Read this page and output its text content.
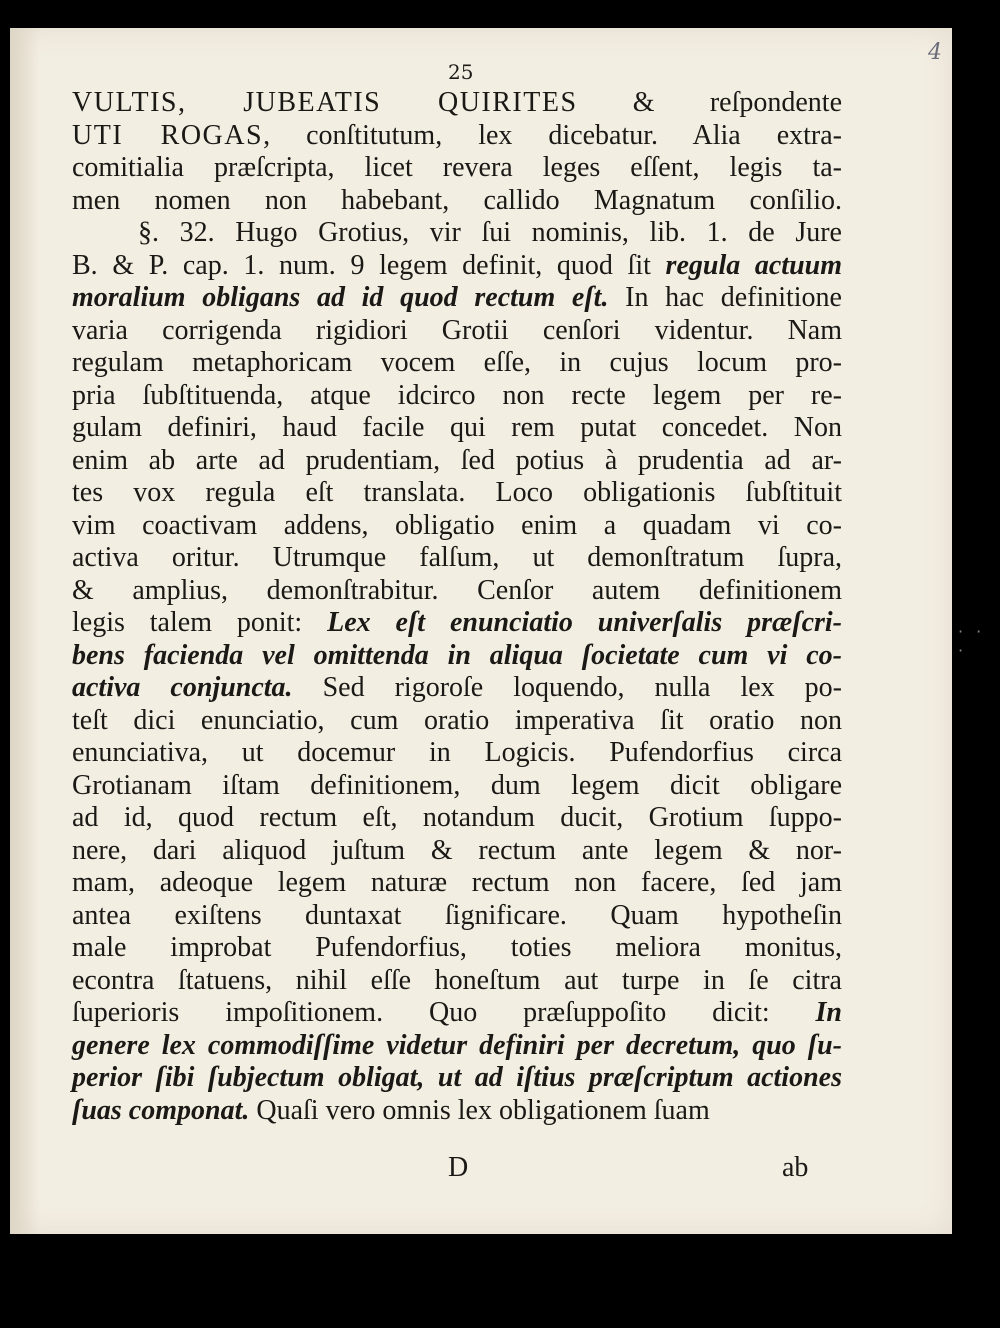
4
25
VULTIS, JUBEATIS QUIRITES & reſpondente
UTI ROGAS, conſtitutum, lex dicebatur. Alia extra-
comitialia præſcripta, licet revera leges eſſent, legis ta-
men nomen non habebant, callido Magnatum conſilio.
§. 32. Hugo Grotius, vir ſui nominis, lib. 1. de Jure
B. & P. cap. 1. num. 9 legem definit, quod ſit regula actuum
moralium obligans ad id quod rectum eſt. In hac definitione
varia corrigenda rigidiori Grotii cenſori videntur. Nam
regulam metaphoricam vocem eſſe, in cujus locum pro-
pria ſubſtituenda, atque idcirco non recte legem per re-
gulam definiri, haud facile qui rem putat concedet. Non
enim ab arte ad prudentiam, ſed potius à prudentia ad ar-
tes vox regula eſt translata. Loco obligationis ſubſtituit
vim coactivam addens, obligatio enim a quadam vi co-
activa oritur. Utrumque falſum, ut demonſtratum ſupra,
& amplius, demonſtrabitur. Cenſor autem definitionem
legis talem ponit: Lex eſt enunciatio univerſalis præſcri-
bens facienda vel omittenda in aliqua ſocietate cum vi co-
activa conjuncta. Sed rigoroſe loquendo, nulla lex po-
teſt dici enunciatio, cum oratio imperativa ſit oratio non
enunciativa, ut docemur in Logicis. Pufendorfius circa
Grotianam iſtam definitionem, dum legem dicit obligare
ad id, quod rectum eſt, notandum ducit, Grotium ſuppo-
nere, dari aliquod juſtum & rectum ante legem & nor-
mam, adeoque legem naturæ rectum non facere, ſed jam
antea exiſtens duntaxat ſignificare. Quam hypotheſin
male improbat Pufendorfius, toties meliora monitus,
econtra ſtatuens, nihil eſſe honeſtum aut turpe in ſe citra
ſuperioris impoſitionem. Quo præſuppoſito dicit: In
genere lex commodiſſime videtur definiri per decretum, quo ſu-
perior ſibi ſubjectum obligat, ut ad iſtius præſcriptum actiones
ſuas componat. Quaſi vero omnis lex obligationem ſuam
D	ab
· · ·
